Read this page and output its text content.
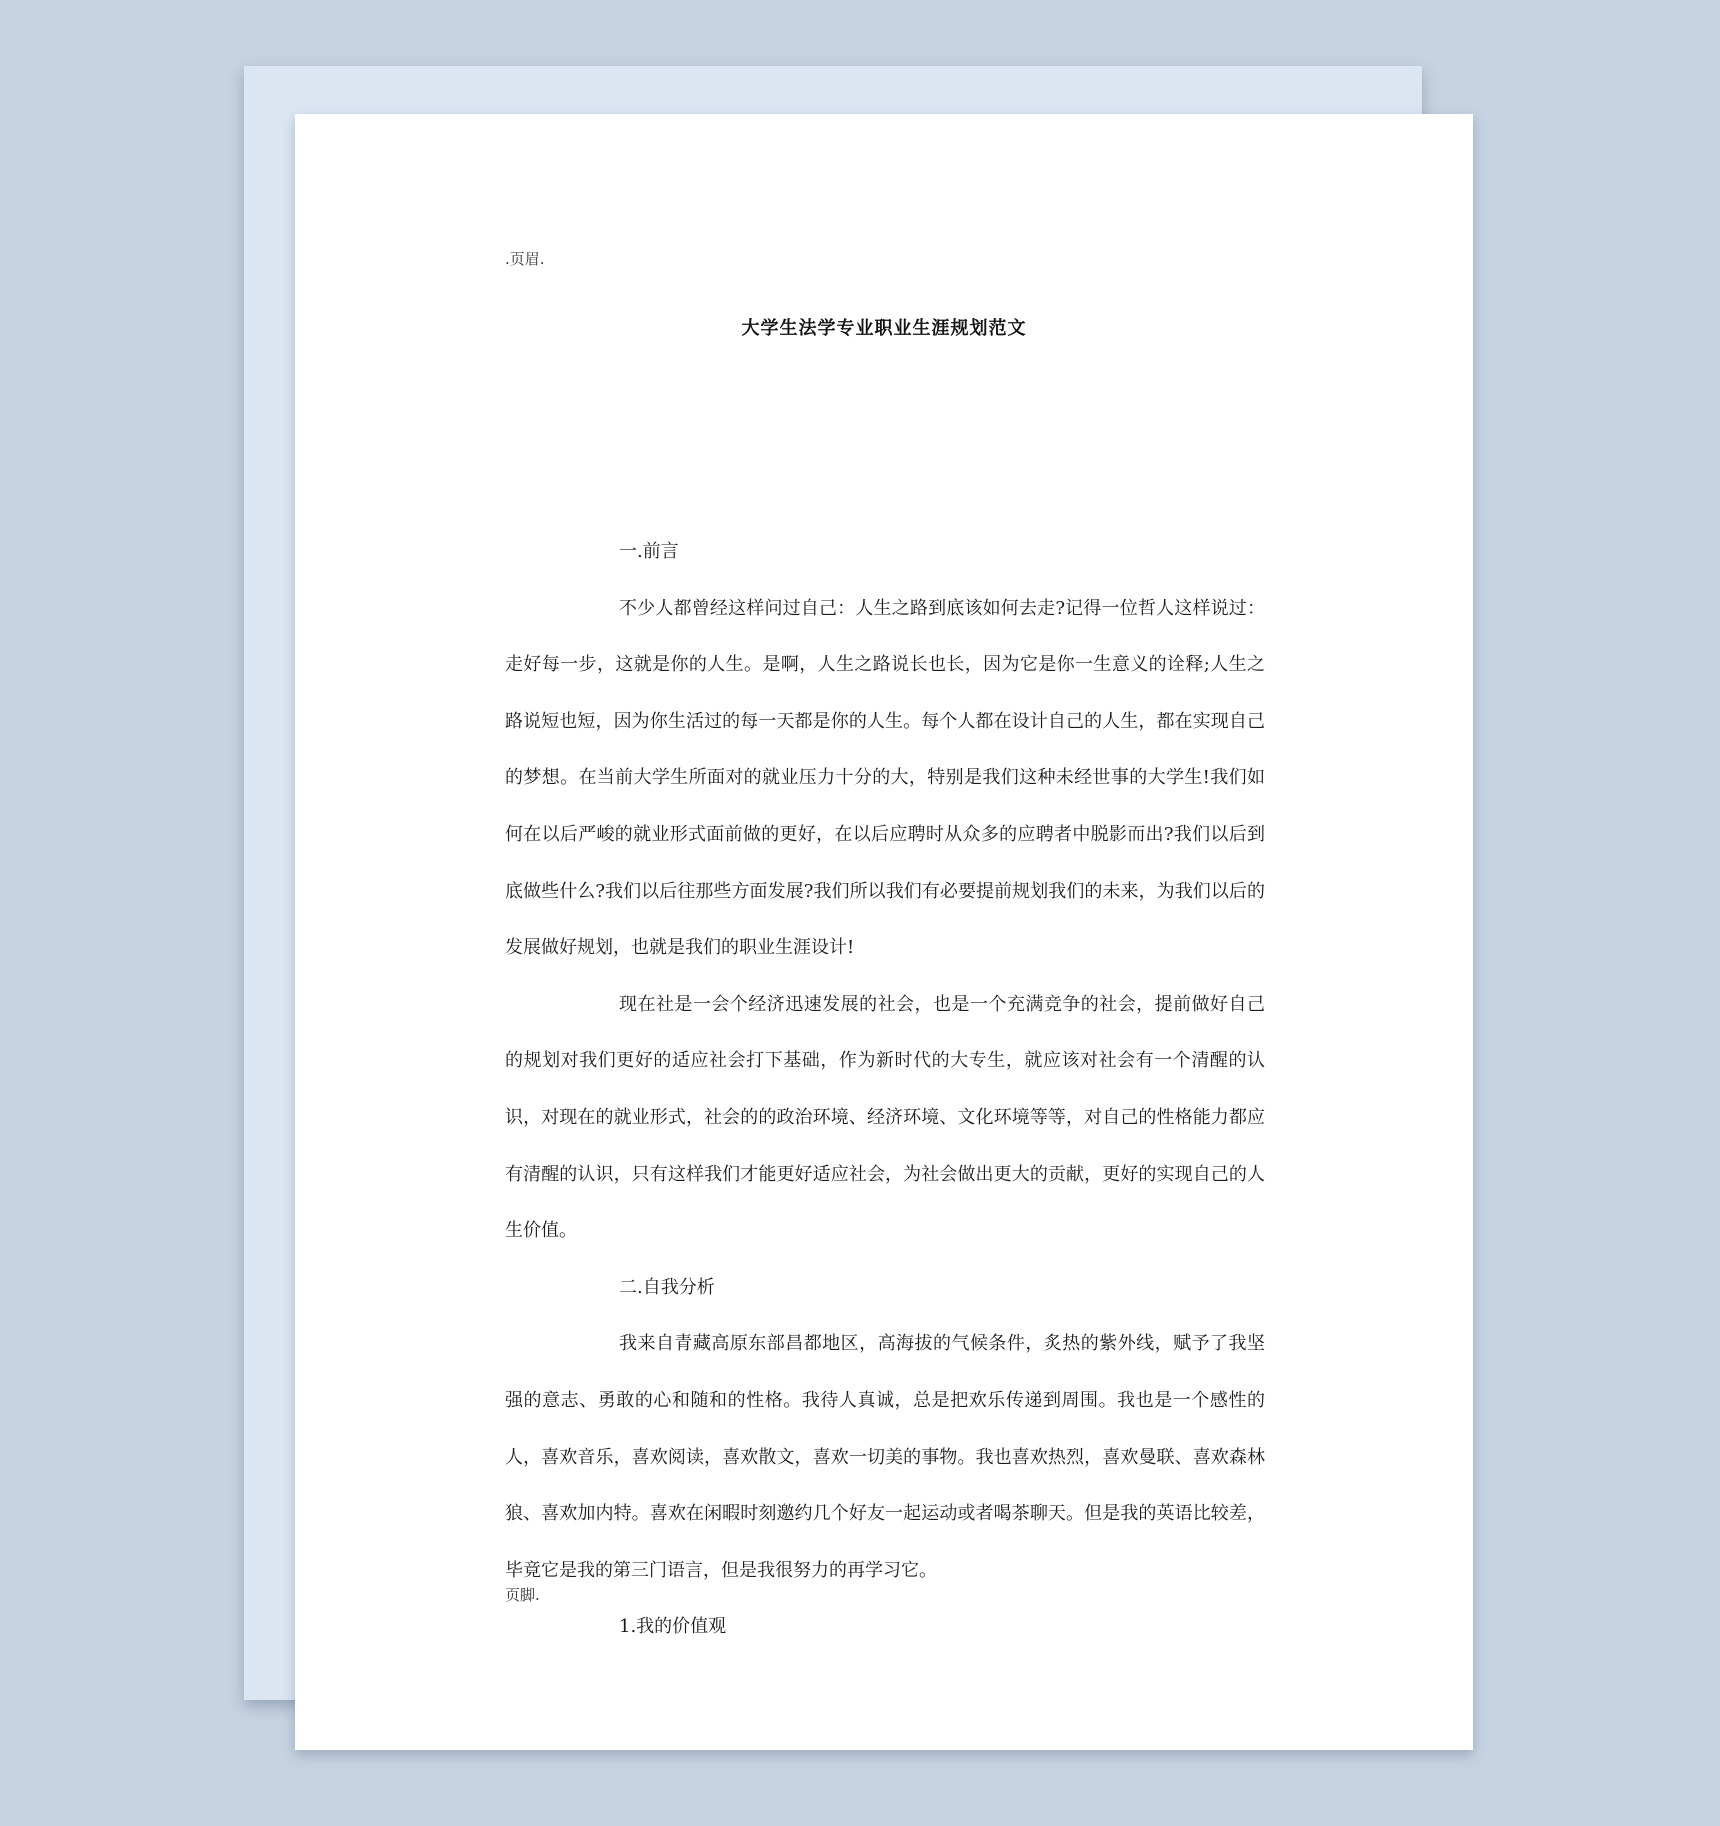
.页眉.
大学生法学专业职业生涯规划范文

一.前言

不少人都曾经这样问过自己：人生之路到底该如何去走?记得一位哲人这样说过：走好每一步，这就是你的人生。是啊，人生之路说长也长，因为它是你一生意义的诠释;人生之路说短也短，因为你生活过的每一天都是你的人生。每个人都在设计自己的人生，都在实现自己的梦想。在当前大学生所面对的就业压力十分的大，特别是我们这种未经世事的大学生!我们如何在以后严峻的就业形式面前做的更好，在以后应聘时从众多的应聘者中脱影而出?我们以后到底做些什么?我们以后往那些方面发展?我们所以我们有必要提前规划我们的未来，为我们以后的发展做好规划，也就是我们的职业生涯设计!

现在社是一会个经济迅速发展的社会，也是一个充满竞争的社会，提前做好自己的规划对我们更好的适应社会打下基础，作为新时代的大专生，就应该对社会有一个清醒的认识，对现在的就业形式，社会的的政治环境、经济环境、文化环境等等，对自己的性格能力都应有清醒的认识，只有这样我们才能更好适应社会，为社会做出更大的贡献，更好的实现自己的人生价值。

二.自我分析

我来自青藏高原东部昌都地区，高海拔的气候条件，炙热的紫外线，赋予了我坚强的意志、勇敢的心和随和的性格。我待人真诚，总是把欢乐传递到周围。我也是一个感性的人，喜欢音乐，喜欢阅读，喜欢散文，喜欢一切美的事物。我也喜欢热烈，喜欢曼联、喜欢森林狼、喜欢加内特。喜欢在闲暇时刻邀约几个好友一起运动或者喝茶聊天。但是我的英语比较差，毕竟它是我的第三门语言，但是我很努力的再学习它。

1.我的价值观

页脚.
